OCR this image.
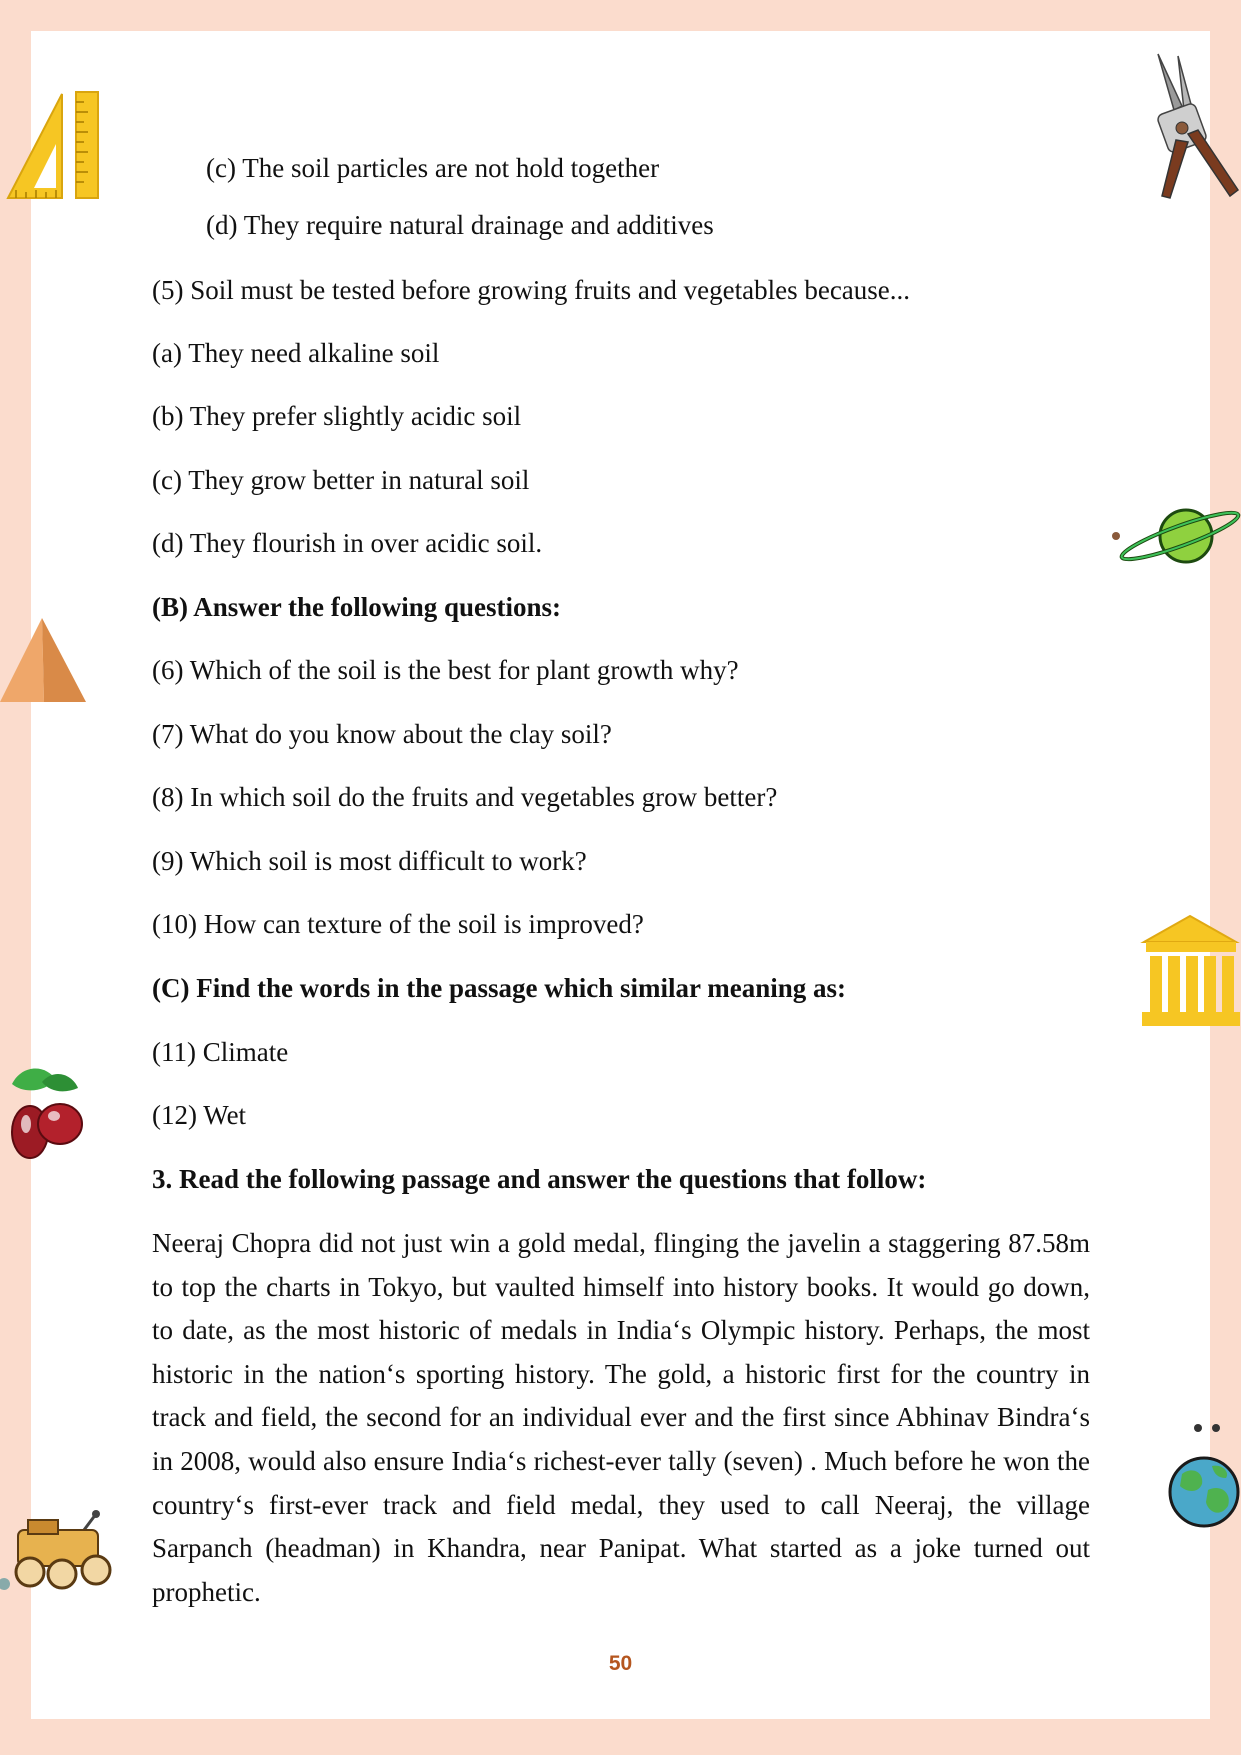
(c) The soil particles are not hold together
(d) They require natural drainage and additives
(5) Soil must be tested before growing fruits and vegetables because...
(a) They need alkaline soil
(b) They prefer slightly acidic soil
(c) They grow better in natural soil
(d) They flourish in over acidic soil.
(B) Answer the following questions:
(6) Which of the soil is the best for plant growth why?
(7) What do you know about the clay soil?
(8) In which soil do the fruits and vegetables grow better?
(9) Which soil is most difficult to work?
(10) How can texture of the soil is improved?
(C) Find the words in the passage which similar meaning as:
(11) Climate
(12) Wet
3. Read the following passage and answer the questions that follow:
Neeraj Chopra did not just win a gold medal, flinging the javelin a staggering 87.58m to top the charts in Tokyo, but vaulted himself into history books. It would go down, to date, as the most historic of medals in India‘s Olympic history. Perhaps, the most historic in the nation‘s sporting history. The gold, a historic first for the country in track and field, the second for an individual ever and the first since Abhinav Bindra‘s in 2008, would also ensure India‘s richest-ever tally (seven) . Much before he won the country‘s first-ever track and field medal, they used to call Neeraj, the village Sarpanch (headman) in Khandra, near Panipat. What started as a joke turned out prophetic.
50
